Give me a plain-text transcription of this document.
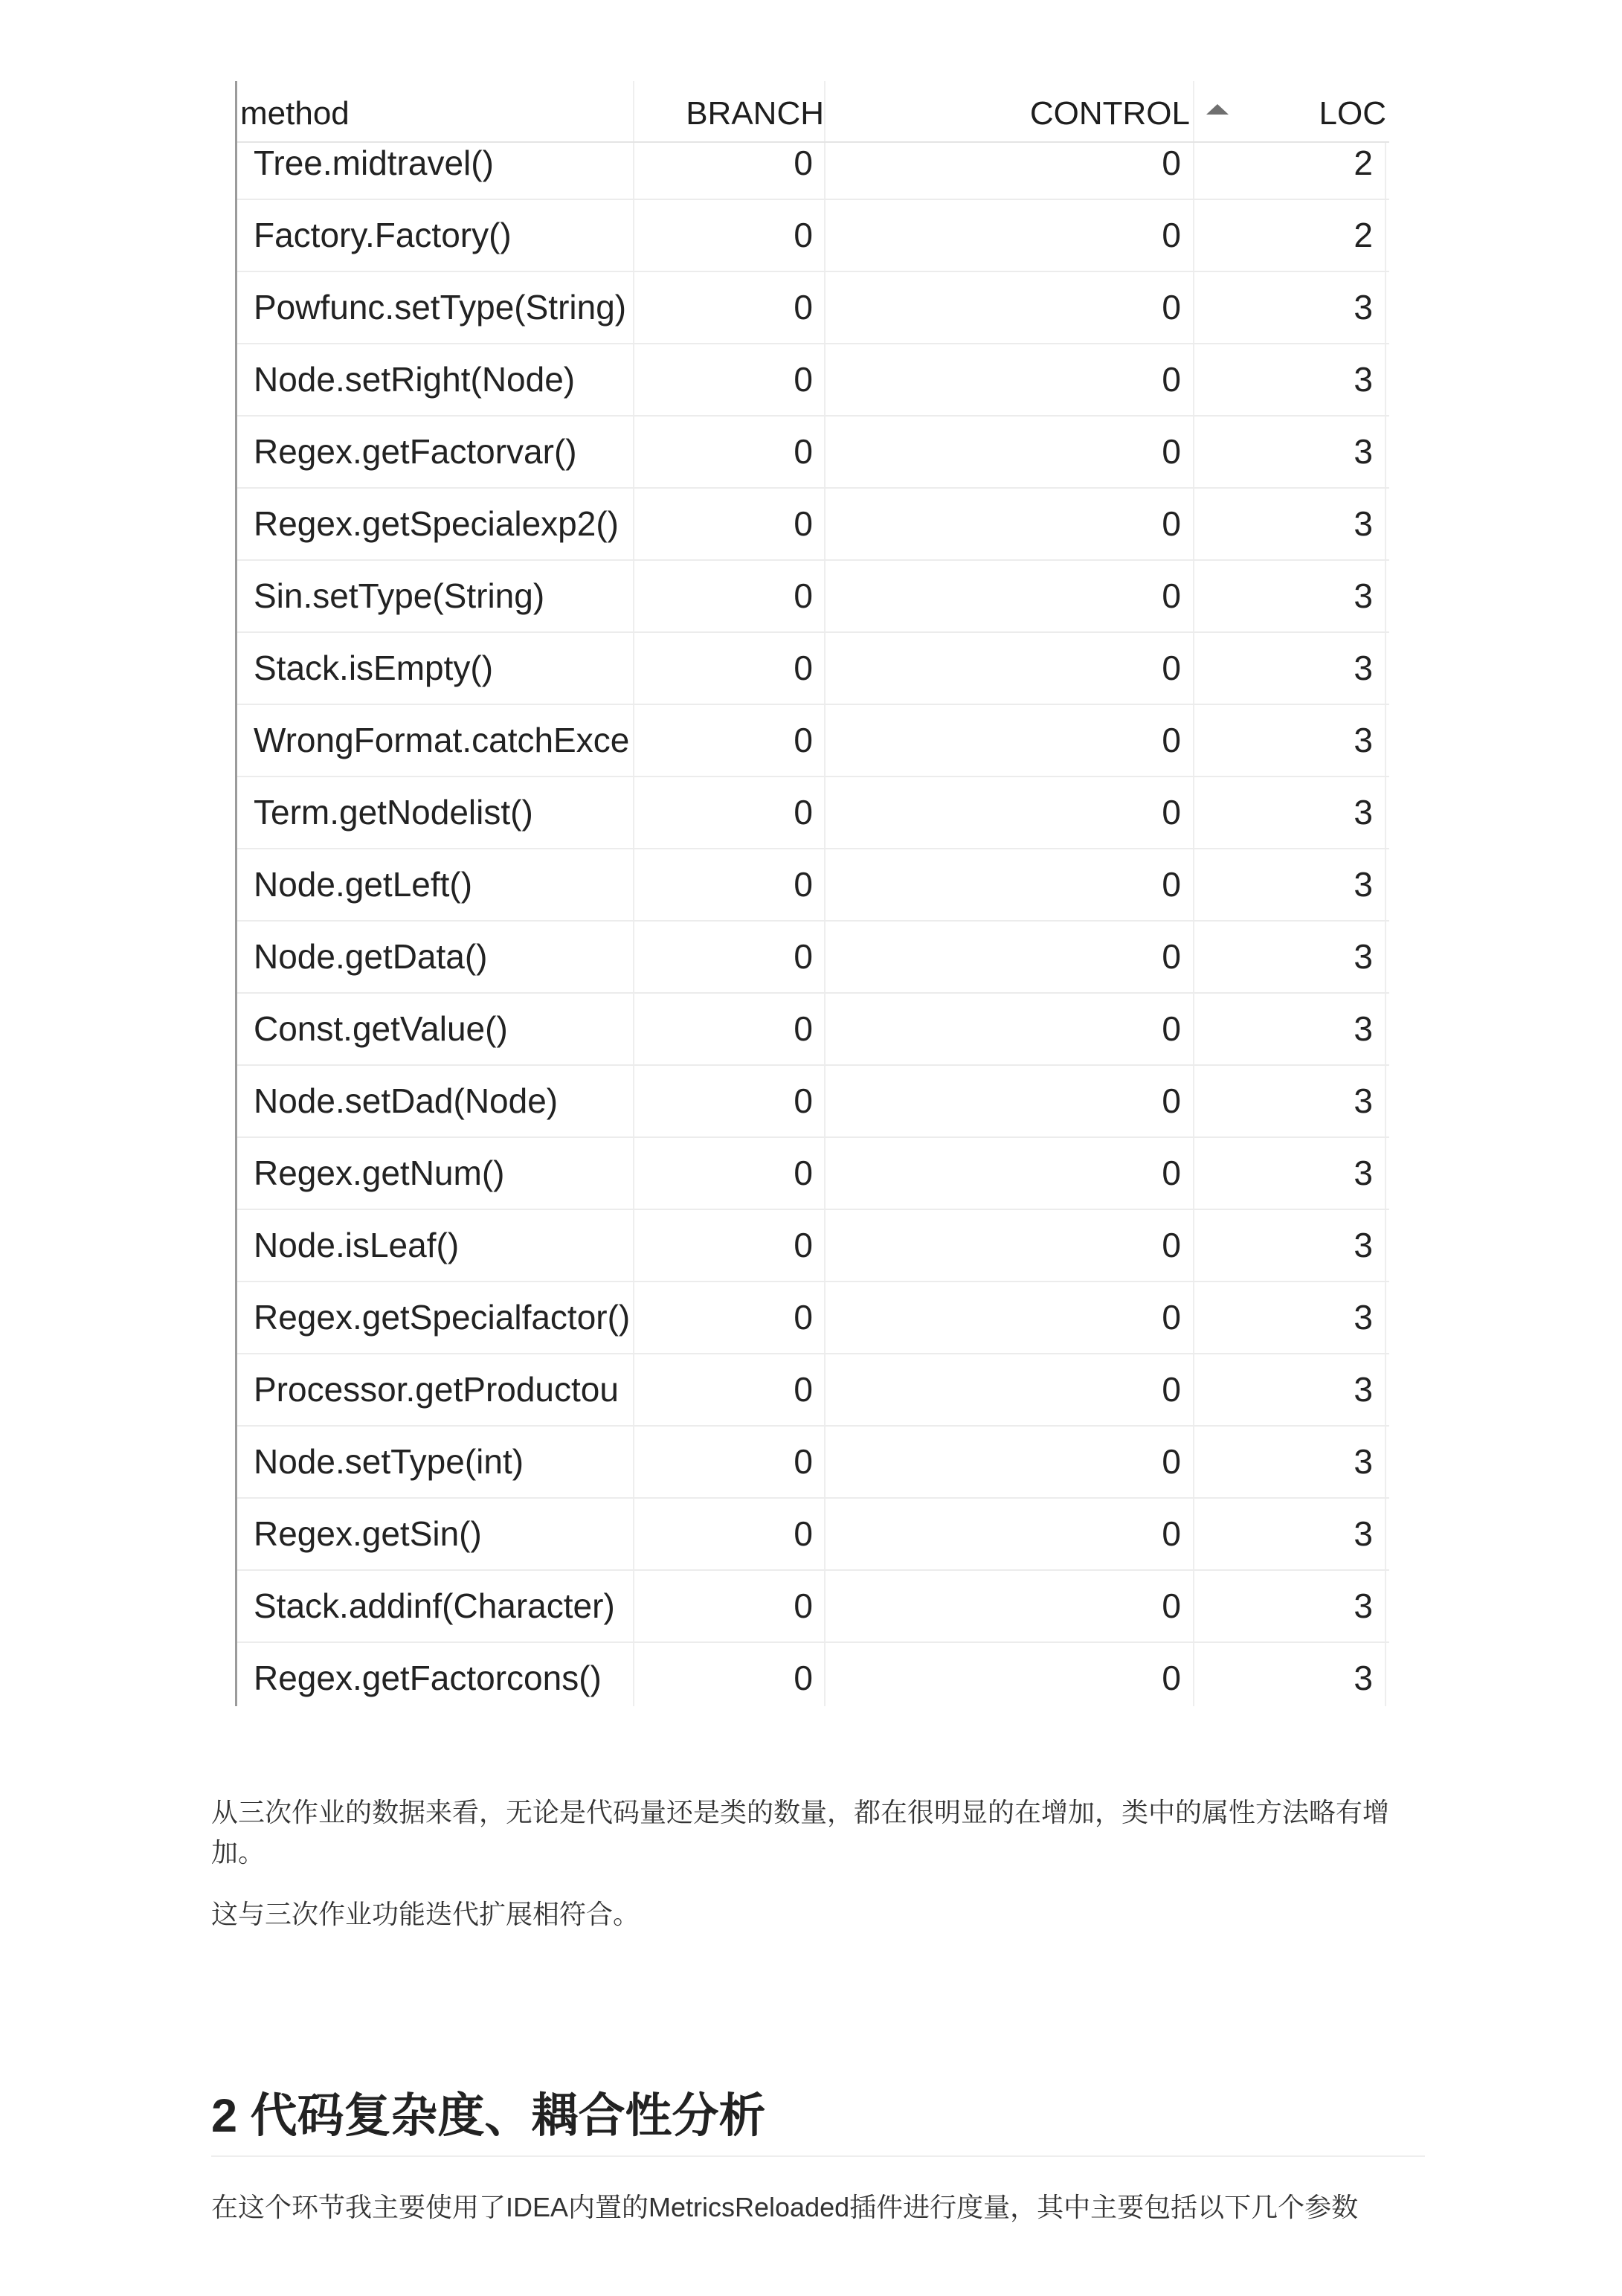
method	BRANCH	CONTROL	LOC
Tree.midtravel()	0	0	2
Factory.Factory()	0	0	2
Powfunc.setType(String)	0	0	3
Node.setRight(Node)	0	0	3
Regex.getFactorvar()	0	0	3
Regex.getSpecialexp2()	0	0	3
Sin.setType(String)	0	0	3
Stack.isEmpty()	0	0	3
WrongFormat.catchExce	0	0	3
Term.getNodelist()	0	0	3
Node.getLeft()	0	0	3
Node.getData()	0	0	3
Const.getValue()	0	0	3
Node.setDad(Node)	0	0	3
Regex.getNum()	0	0	3
Node.isLeaf()	0	0	3
Regex.getSpecialfactor()	0	0	3
Processor.getProductou	0	0	3
Node.setType(int)	0	0	3
Regex.getSin()	0	0	3
Stack.addinf(Character)	0	0	3
Regex.getFactorcons()	0	0	3

从三次作业的数据来看，无论是代码量还是类的数量，都在很明显的在增加，类中的属性方法略有增加。

这与三次作业功能迭代扩展相符合。

2 代码复杂度、耦合性分析

在这个环节我主要使用了IDEA内置的MetricsReloaded插件进行度量，其中主要包括以下几个参数
